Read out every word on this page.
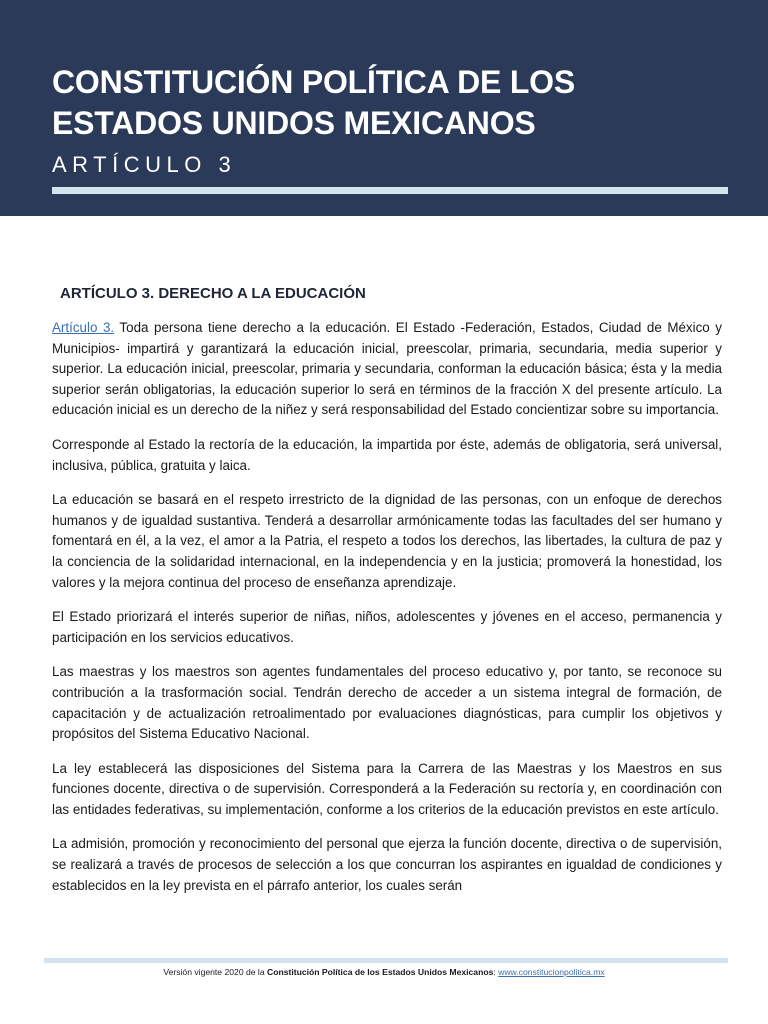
CONSTITUCIÓN POLÍTICA DE LOS
ESTADOS UNIDOS MEXICANOS
ARTÍCULO 3
ARTÍCULO 3. DERECHO A LA EDUCACIÓN

Artículo 3. Toda persona tiene derecho a la educación. El Estado -Federación, Estados, Ciudad de México y Municipios- impartirá y garantizará la educación inicial, preescolar, primaria, secundaria, media superior y superior. La educación inicial, preescolar, primaria y secundaria, conforman la educación básica; ésta y la media superior serán obligatorias, la educación superior lo será en términos de la fracción X del presente artículo. La educación inicial es un derecho de la niñez y será responsabilidad del Estado concientizar sobre su importancia.

Corresponde al Estado la rectoría de la educación, la impartida por éste, además de obligatoria, será universal, inclusiva, pública, gratuita y laica.

La educación se basará en el respeto irrestricto de la dignidad de las personas, con un enfoque de derechos humanos y de igualdad sustantiva. Tenderá a desarrollar armónicamente todas las facultades del ser humano y fomentará en él, a la vez, el amor a la Patria, el respeto a todos los derechos, las libertades, la cultura de paz y la conciencia de la solidaridad internacional, en la independencia y en la justicia; promoverá la honestidad, los valores y la mejora continua del proceso de enseñanza aprendizaje.

El Estado priorizará el interés superior de niñas, niños, adolescentes y jóvenes en el acceso, permanencia y participación en los servicios educativos.

Las maestras y los maestros son agentes fundamentales del proceso educativo y, por tanto, se reconoce su contribución a la trasformación social. Tendrán derecho de acceder a un sistema integral de formación, de capacitación y de actualización retroalimentado por evaluaciones diagnósticas, para cumplir los objetivos y propósitos del Sistema Educativo Nacional.

La ley establecerá las disposiciones del Sistema para la Carrera de las Maestras y los Maestros en sus funciones docente, directiva o de supervisión. Corresponderá a la Federación su rectoría y, en coordinación con las entidades federativas, su implementación, conforme a los criterios de la educación previstos en este artículo.

La admisión, promoción y reconocimiento del personal que ejerza la función docente, directiva o de supervisión, se realizará a través de procesos de selección a los que concurran los aspirantes en igualdad de condiciones y establecidos en la ley prevista en el párrafo anterior, los cuales serán

Versión vigente 2020 de la Constitución Política de los Estados Unidos Mexicanos: www.constitucionpolitica.mx
